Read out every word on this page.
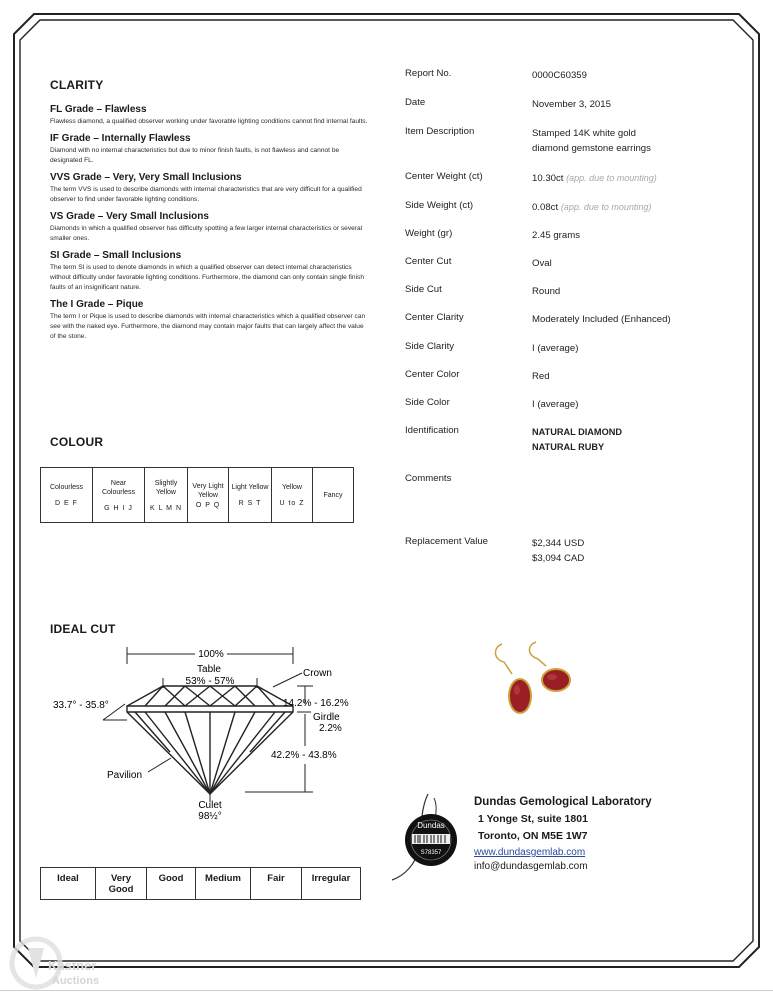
CLARITY
FL Grade – Flawless

Flawless diamond, a qualified observer working under favorable lighting conditions cannot find internal faults.

IF Grade – Internally Flawless

Diamond with no internal characteristics but due to minor finish faults, is not flawless and cannot be designated FL.

VVS Grade – Very, Very Small Inclusions

The term VVS is used to describe diamonds with internal characteristics that are very difficult for a qualified observer to find under favorable lighting conditions.

VS Grade – Very Small Inclusions

Diamonds in which a qualified observer has difficulty spotting a few larger internal characteristics or several smaller ones.

SI Grade – Small Inclusions

The term SI is used to denote diamonds in which a qualified observer can detect internal characteristics without difficulty under favorable lighting conditions. Furthermore, the diamond can only contain single finish faults of an insignificant nature.

The I Grade – Pique

The term I or Pique is used to describe diamonds with internal characteristics which a qualified observer can see with the naked eye. Furthermore, the diamond may contain major faults that can largely affect the value of the stone.

COLOUR
Colourless
D E F

Near Colourless
G H I J

Slightly Yellow
K L M N

Very Light Yellow
O P Q

Light Yellow
R S T

Yellow
U to Z

Fancy
IDEAL CUT
100%
Table
53% - 57%
Crown
33.7° - 35.8°	14.2% - 16.2%
Girdle
2.2%
42.2% - 43.8%
Pavilion
Culet
98½°
Ideal	Very Good	Good	Medium	Fair	Irregular
Report No.	0000C60359
Date	November 3, 2015
Item Description	Stamped 14K white gold
diamond gemstone earrings
Center Weight (ct)	10.30ct (app. due to mounting)
Side Weight (ct)	0.08ct (app. due to mounting)
Weight (gr)	2.45 grams
Center Cut	Oval
Side Cut	Round
Center Clarity	Moderately Included (Enhanced)
Side Clarity	I (average)
Center Color	Red
Side Color	I (average)
Identification	NATURAL DIAMOND
NATURAL RUBY
Comments
Replacement Value	$2,344 USD
$3,094 CAD
Dundas
S78357
Dundas Gemological Laboratory
1 Yonge St, suite 1801
Toronto, ON M5E 1W7
www.dundasgemlab.com
info@dundasgemlab.com
Kastner
Auctions
